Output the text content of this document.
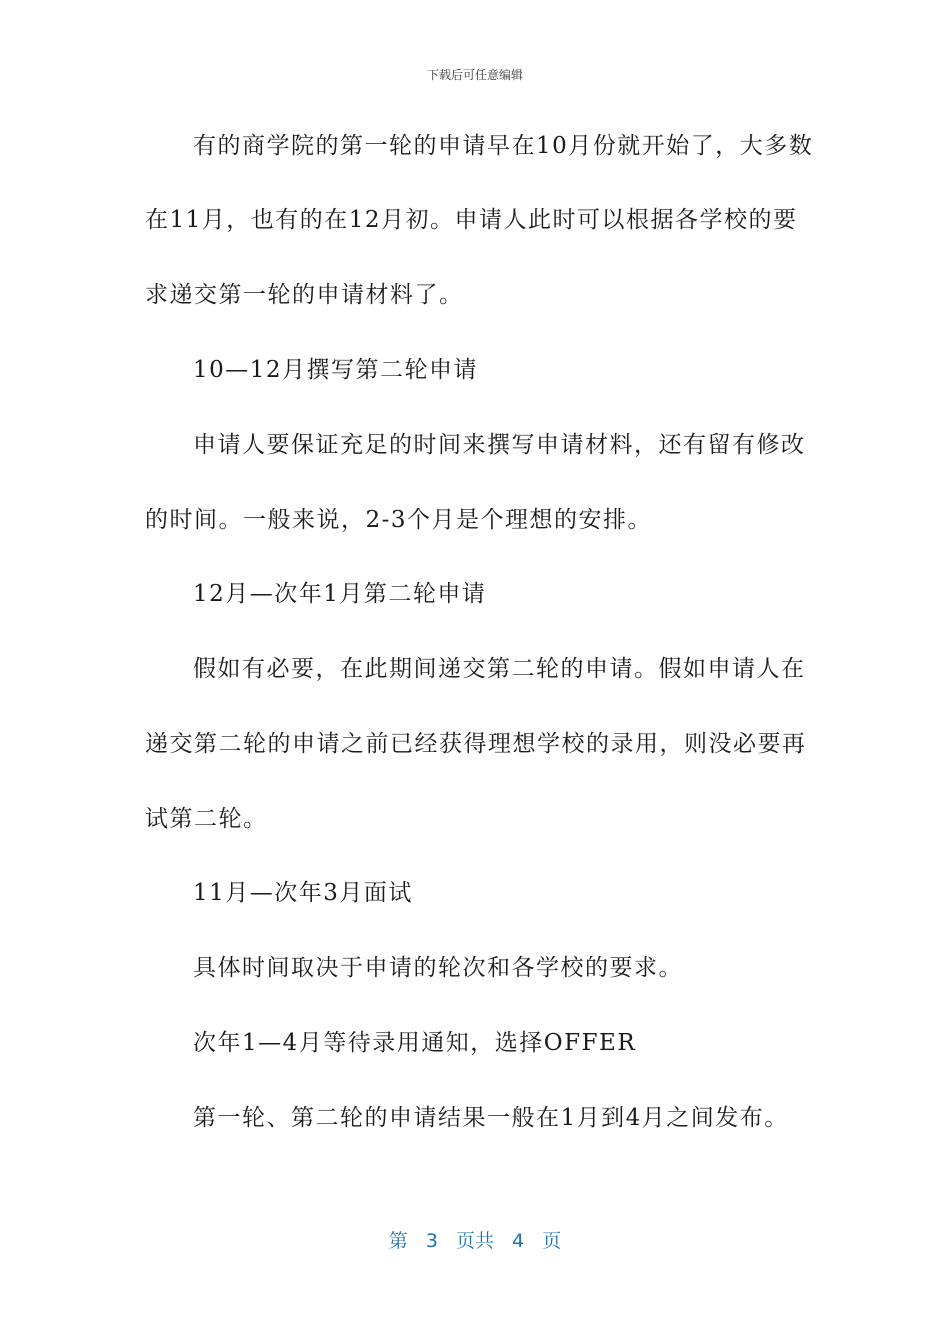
下载后可任意编辑
有的商学院的第一轮的申请早在10月份就开始了，大多数
在11月，也有的在12月初。申请人此时可以根据各学校的要
求递交第一轮的申请材料了。
10—12月撰写第二轮申请
申请人要保证充足的时间来撰写申请材料，还有留有修改
的时间。一般来说，2-3个月是个理想的安排。
12月—次年1月第二轮申请
假如有必要，在此期间递交第二轮的申请。假如申请人在
递交第二轮的申请之前已经获得理想学校的录用，则没必要再
试第二轮。
11月—次年3月面试
具体时间取决于申请的轮次和各学校的要求。
次年1—4月等待录用通知，选择OFFER
第一轮、第二轮的申请结果一般在1月到4月之间发布。
第 3 页共 4 页
